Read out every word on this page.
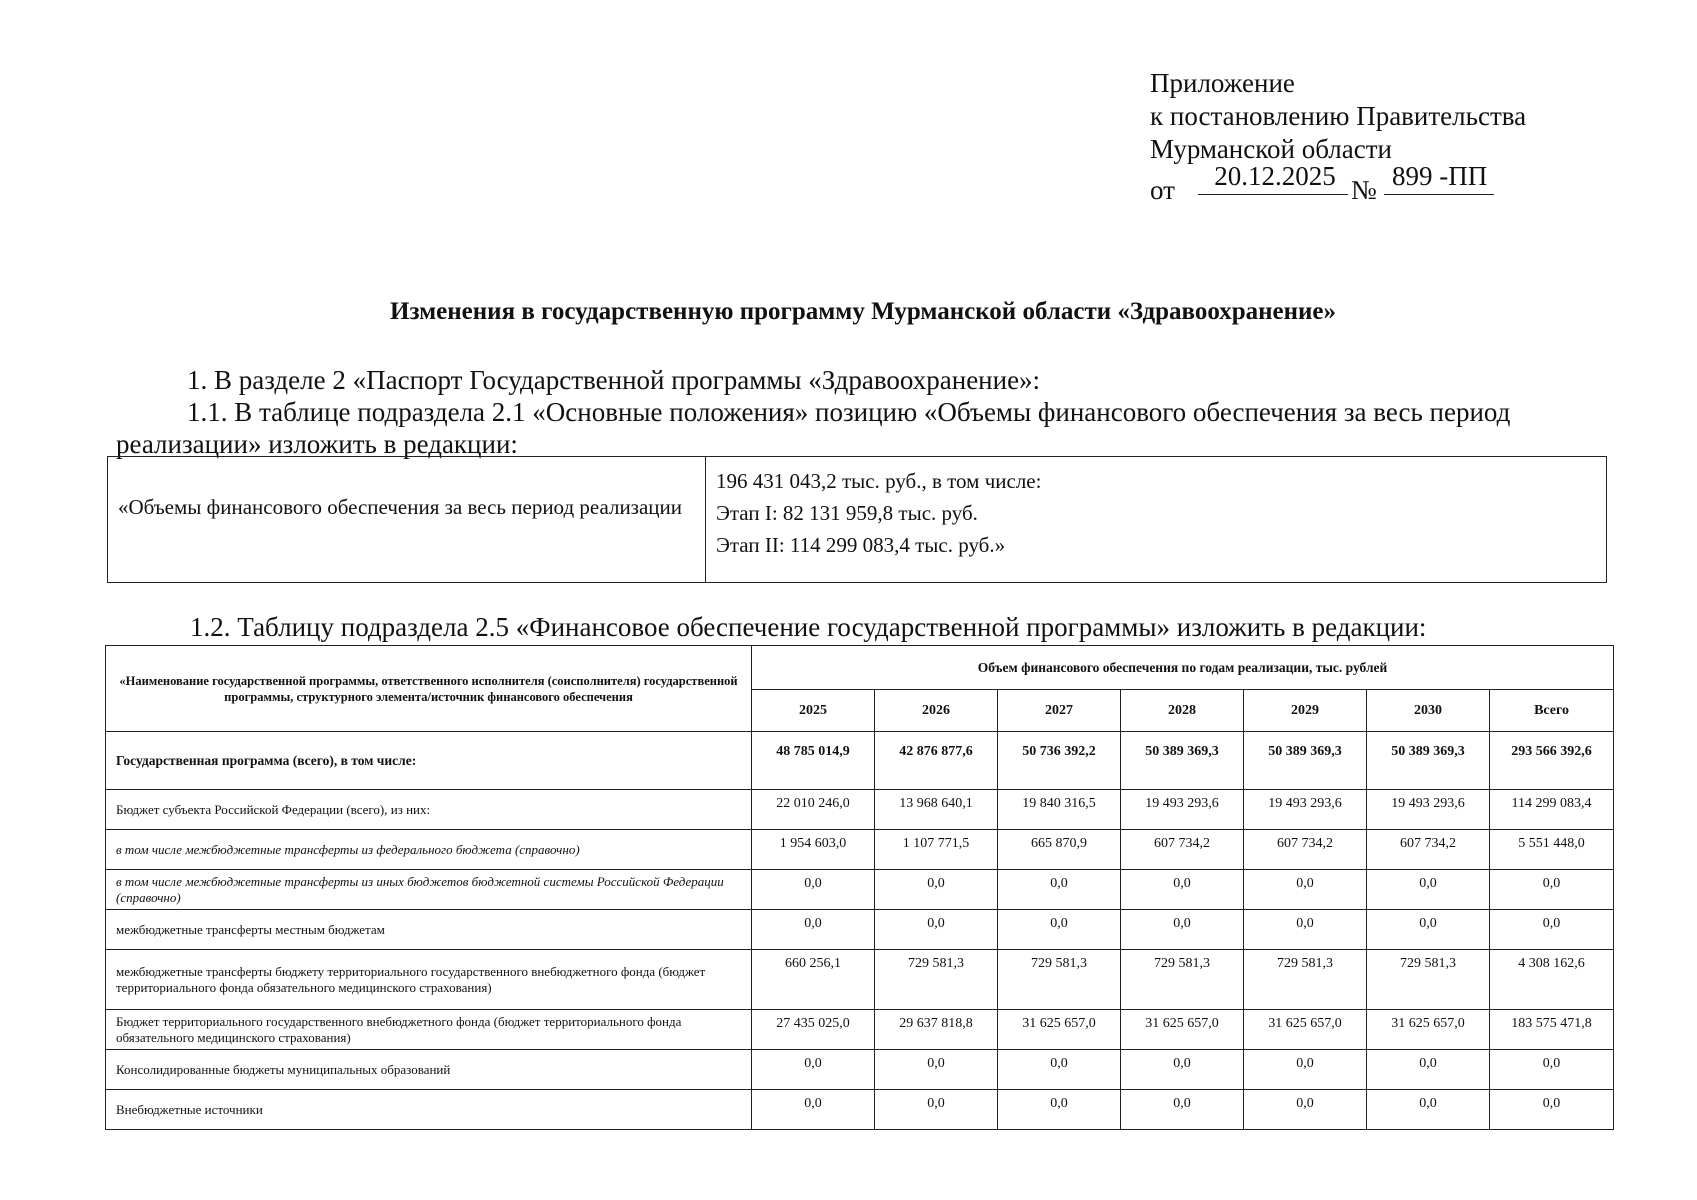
Приложение
к постановлению Правительства
Мурманской области
от	20.12.2025 № 899 -ПП
Изменения в государственную программу Мурманской области «Здравоохранение»
1. В разделе 2 «Паспорт Государственной программы «Здравоохранение»:
1.1. В таблице подраздела 2.1 «Основные положения» позицию «Объемы финансового обеспечения за весь период
реализации» изложить в редакции:
«Объемы финансового обеспечения за весь период реализации
196 431 043,2 тыс. руб., в том числе:
Этап I: 82 131 959,8 тыс. руб.
Этап II: 114 299 083,4 тыс. руб.»
1.2. Таблицу подраздела 2.5 «Финансовое обеспечение государственной программы» изложить в редакции:
«Наименование государственной программы, ответственного исполнителя (соисполнителя) государственной программы, структурного элемента/источник финансового обеспечения	Объем финансового обеспечения по годам реализации, тыс. рублей						
	2025	2026	2027	2028	2029	2030	Всего
Государственная программа (всего), в том числе:	48 785 014,9	42 876 877,6	50 736 392,2	50 389 369,3	50 389 369,3	50 389 369,3	293 566 392,6
Бюджет субъекта Российской Федерации (всего), из них:	22 010 246,0	13 968 640,1	19 840 316,5	19 493 293,6	19 493 293,6	19 493 293,6	114 299 083,4
в том числе межбюджетные трансферты из федерального бюджета (справочно)	1 954 603,0	1 107 771,5	665 870,9	607 734,2	607 734,2	607 734,2	5 551 448,0
в том числе межбюджетные трансферты из иных бюджетов бюджетной системы Российской Федерации (справочно)	0,0	0,0	0,0	0,0	0,0	0,0	0,0
межбюджетные трансферты местным бюджетам	0,0	0,0	0,0	0,0	0,0	0,0	0,0
межбюджетные трансферты бюджету территориального государственного внебюджетного фонда (бюджет территориального фонда обязательного медицинского страхования)	660 256,1	729 581,3	729 581,3	729 581,3	729 581,3	729 581,3	4 308 162,6
Бюджет территориального государственного внебюджетного фонда (бюджет территориального фонда обязательного медицинского страхования)	27 435 025,0	29 637 818,8	31 625 657,0	31 625 657,0	31 625 657,0	31 625 657,0	183 575 471,8
Консолидированные бюджеты муниципальных образований	0,0	0,0	0,0	0,0	0,0	0,0	0,0
Внебюджетные источники	0,0	0,0	0,0	0,0	0,0	0,0	0,0
